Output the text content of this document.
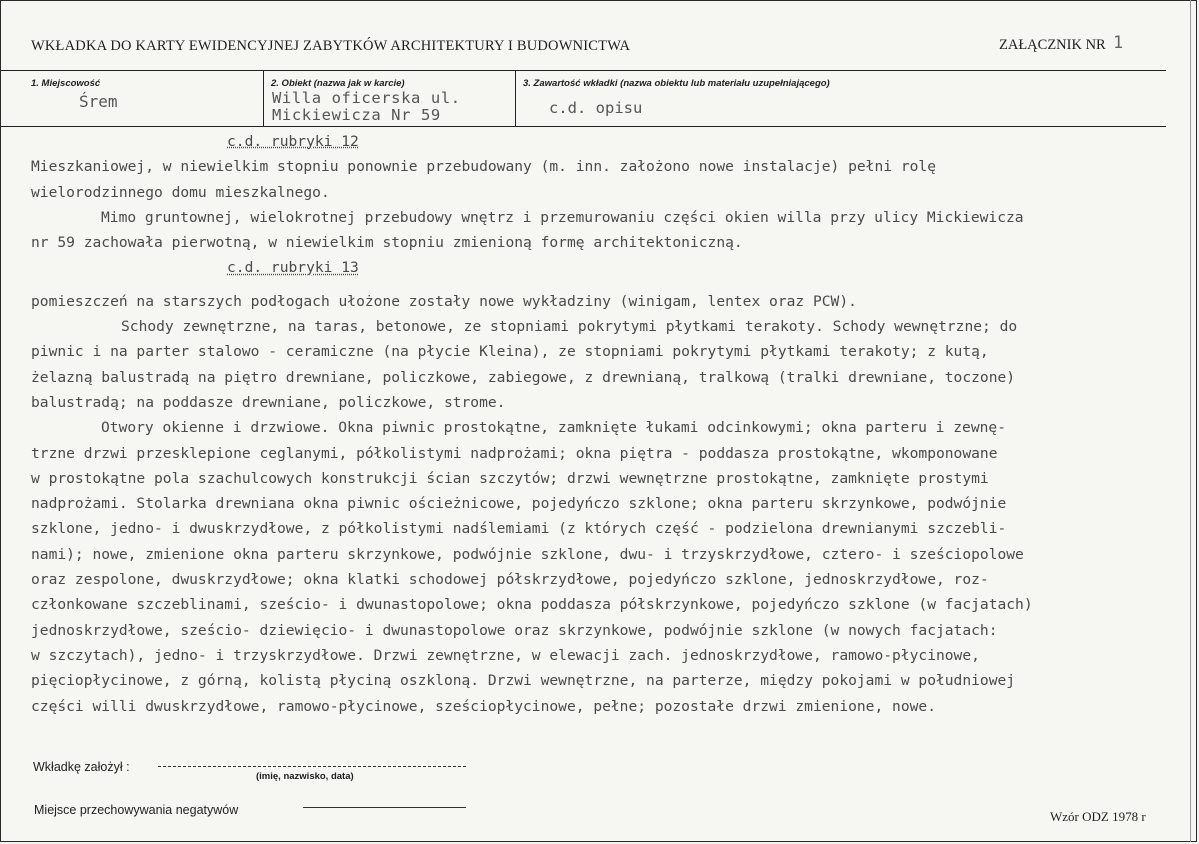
WKŁADKA DO KARTY EWIDENCYJNEJ ZABYTKÓW ARCHITEKTURY I BUDOWNICTWA	ZAŁĄCZNIK NR 1
1. Miejscowość
Śrem
2. Obiekt (nazwa jak w karcie)
Willa oficerska ul.
Mickiewicza Nr 59
3. Zawartość wkładki (nazwa obiektu lub materiału uzupełniającego)
c.d. opisu
c.d. rubryki 12
Mieszkaniowej, w niewielkim stopniu ponownie przebudowany (m. inn. założono nowe instalacje) pełni rolę
wielorodzinnego domu mieszkalnego.
Mimo gruntownej, wielokrotnej przebudowy wnętrz i przemurowaniu części okien willa przy ulicy Mickiewicza
nr 59 zachowała pierwotną, w niewielkim stopniu zmienioną formę architektoniczną.
c.d. rubryki 13
pomieszczeń na starszych podłogach ułożone zostały nowe wykładziny (winigam, lentex oraz PCW).
Schody zewnętrzne, na taras, betonowe, ze stopniami pokrytymi płytkami terakoty. Schody wewnętrzne; do
piwnic i na parter stalowo - ceramiczne (na płycie Kleina), ze stopniami pokrytymi płytkami terakoty; z kutą,
żelazną balustradą na piętro drewniane, policzkowe, zabiegowe, z drewnianą, tralkową (tralki drewniane, toczone)
balustradą; na poddasze drewniane, policzkowe, strome.
Otwory okienne i drzwiowe. Okna piwnic prostokątne, zamknięte łukami odcinkowymi; okna parteru i zewnę-
trzne drzwi przesklepione ceglanymi, półkolistymi nadprożami; okna piętra - poddasza prostokątne, wkomponowane
w prostokątne pola szachulcowych konstrukcji ścian szczytów; drzwi wewnętrzne prostokątne, zamknięte prostymi
nadprożami. Stolarka drewniana okna piwnic ościeżnicowe, pojedyńczo szklone; okna parteru skrzynkowe, podwójnie
szklone, jedno- i dwuskrzydłowe, z półkolistymi nadślemiami (z których część - podzielona drewnianymi szczebli-
nami); nowe, zmienione okna parteru skrzynkowe, podwójnie szklone, dwu- i trzyskrzydłowe, cztero- i sześciopolowe
oraz zespolone, dwuskrzydłowe; okna klatki schodowej półskrzydłowe, pojedyńczo szklone, jednoskrzydłowe, roz-
członkowane szczeblinami, sześcio- i dwunastopolowe; okna poddasza półskrzynkowe, pojedyńczo szklone (w facjatach)
jednoskrzydłowe, sześcio- dziewięcio- i dwunastopolowe oraz skrzynkowe, podwójnie szklone (w nowych facjatach:
w szczytach), jedno- i trzyskrzydłowe. Drzwi zewnętrzne, w elewacji zach. jednoskrzydłowe, ramowo-płycinowe,
pięciopłycinowe, z górną, kolistą płyciną oszkloną. Drzwi wewnętrzne, na parterze, między pokojami w południowej
części willi dwuskrzydłowe, ramowo-płycinowe, sześciopłycinowe, pełne; pozostałe drzwi zmienione, nowe.
Wkładkę założył :
(imię, nazwisko, data)
Miejsce przechowywania negatywów	Wzór ODZ 1978 r
